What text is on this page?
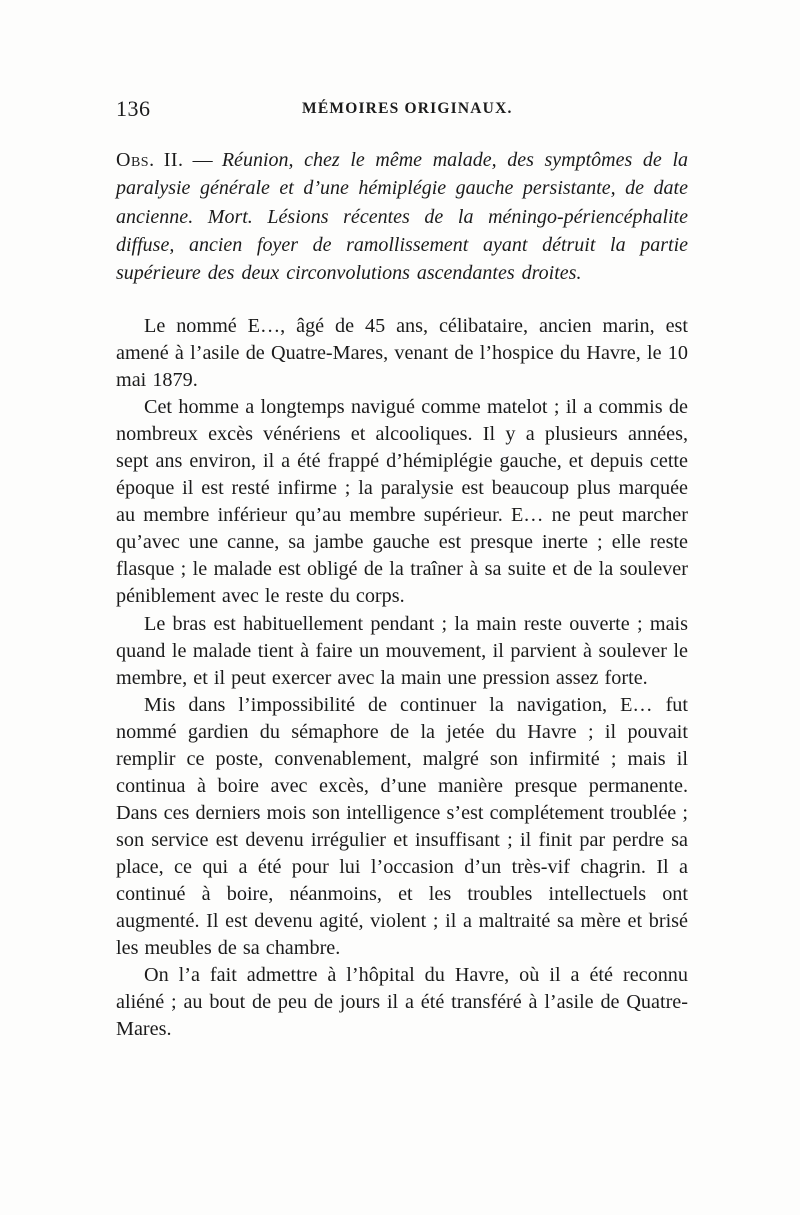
136	MÉMOIRES ORIGINAUX.
Obs. II. — Réunion, chez le même malade, des symptômes de la paralysie générale et d’une hémiplégie gauche persistante, de date ancienne. Mort. Lésions récentes de la méningo-périencéphalite diffuse, ancien foyer de ramollissement ayant détruit la partie supérieure des deux circonvolutions ascendantes droites.

Le nommé E…, âgé de 45 ans, célibataire, ancien marin, est amené à l’asile de Quatre-Mares, venant de l’hospice du Havre, le 10 mai 1879.

Cet homme a longtemps navigué comme matelot ; il a commis de nombreux excès vénériens et alcooliques. Il y a plusieurs années, sept ans environ, il a été frappé d’hémiplégie gauche, et depuis cette époque il est resté infirme ; la paralysie est beaucoup plus marquée au membre inférieur qu’au membre supérieur. E… ne peut marcher qu’avec une canne, sa jambe gauche est presque inerte ; elle reste flasque ; le malade est obligé de la traîner à sa suite et de la soulever péniblement avec le reste du corps.

Le bras est habituellement pendant ; la main reste ouverte ; mais quand le malade tient à faire un mouvement, il parvient à soulever le membre, et il peut exercer avec la main une pression assez forte.

Mis dans l’impossibilité de continuer la navigation, E… fut nommé gardien du sémaphore de la jetée du Havre ; il pouvait remplir ce poste, convenablement, malgré son infirmité ; mais il continua à boire avec excès, d’une manière presque permanente. Dans ces derniers mois son intelligence s’est complétement troublée ; son service est devenu irrégulier et insuffisant ; il finit par perdre sa place, ce qui a été pour lui l’occasion d’un très-vif chagrin. Il a continué à boire, néanmoins, et les troubles intellectuels ont augmenté. Il est devenu agité, violent ; il a maltraité sa mère et brisé les meubles de sa chambre.

On l’a fait admettre à l’hôpital du Havre, où il a été reconnu aliéné ; au bout de peu de jours il a été transféré à l’asile de Quatre-Mares.
